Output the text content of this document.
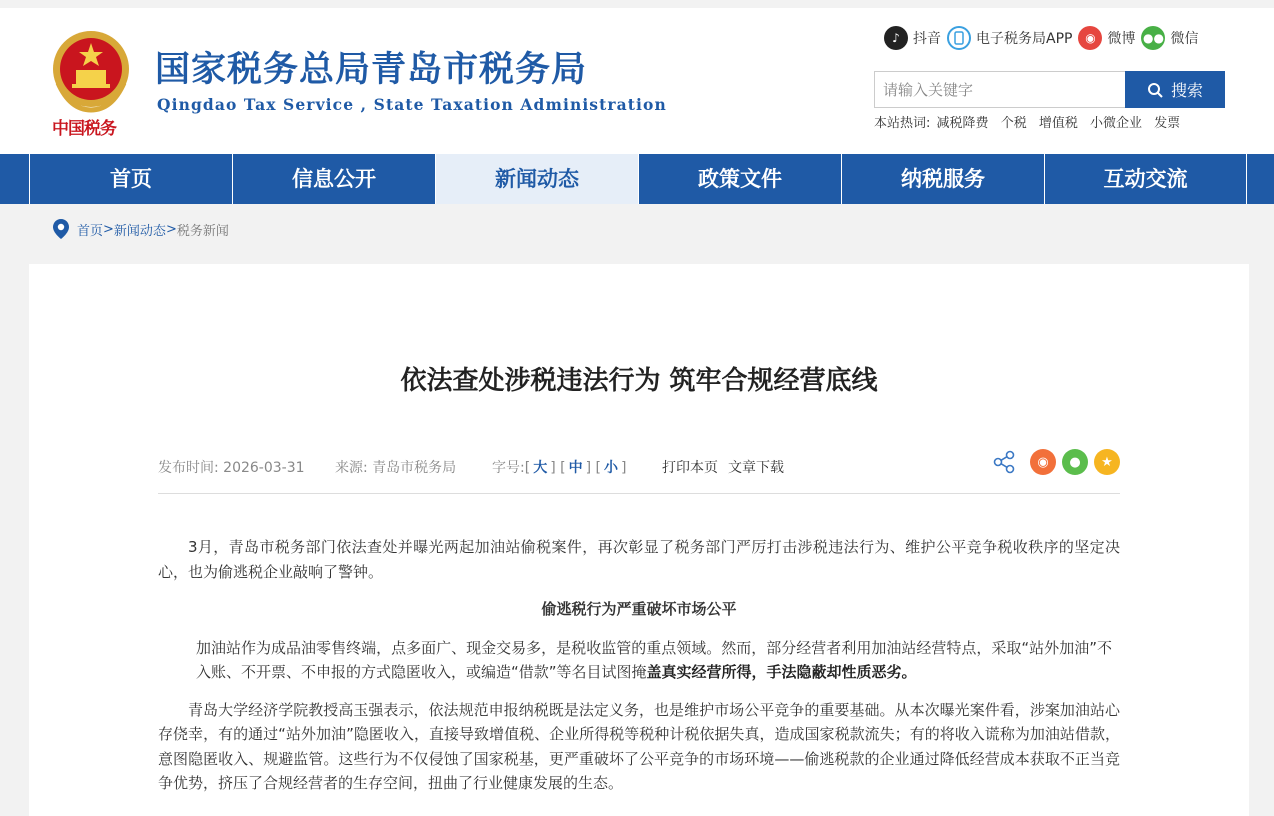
中国税务
国家税务总局青岛市税务局
Qingdao Tax Service , State Taxation Administration
♪ 抖音	电子税务局APP	◉ 微博 ●● 微信
请输入关键字
搜索
本站热词: 减税降费 个税 增值税 小微企业 发票
首页	信息公开	新闻动态	政策文件	纳税服务	互动交流
首页 > 新闻动态 > 税务新闻
依法查处涉税违法行为 筑牢合规经营底线
发布时间: 2026-03-31 来源: 青岛市税务局	字号:[ 大 ] [ 中 ] [ 小 ]	打印本页 文章下载	◉	●	★

3月，青岛市税务部门依法查处并曝光两起加油站偷税案件，再次彰显了税务部门严厉打击涉税违法行为、维护公平竞争税收秩序的坚定决心，也为偷逃税企业敲响了警钟。

偷逃税行为严重破坏市场公平

加油站作为成品油零售终端，点多面广、现金交易多，是税收监管的重点领域。然而，部分经营者利用加油站经营特点，采取“站外加油”不入账、不开票、不申报的方式隐匿收入，或编造“借款”等名目试图掩盖真实经营所得，手法隐蔽却性质恶劣。

青岛大学经济学院教授高玉强表示，依法规范申报纳税既是法定义务，也是维护市场公平竞争的重要基础。从本次曝光案件看，涉案加油站心存侥幸，有的通过“站外加油”隐匿收入，直接导致增值税、企业所得税等税种计税依据失真，造成国家税款流失；有的将收入谎称为加油站借款，意图隐匿收入、规避监管。这些行为不仅侵蚀了国家税基，更严重破坏了公平竞争的市场环境——偷逃税款的企业通过降低经营成本获取不正当竞争优势，挤压了合规经营者的生存空间，扭曲了行业健康发展的生态。
